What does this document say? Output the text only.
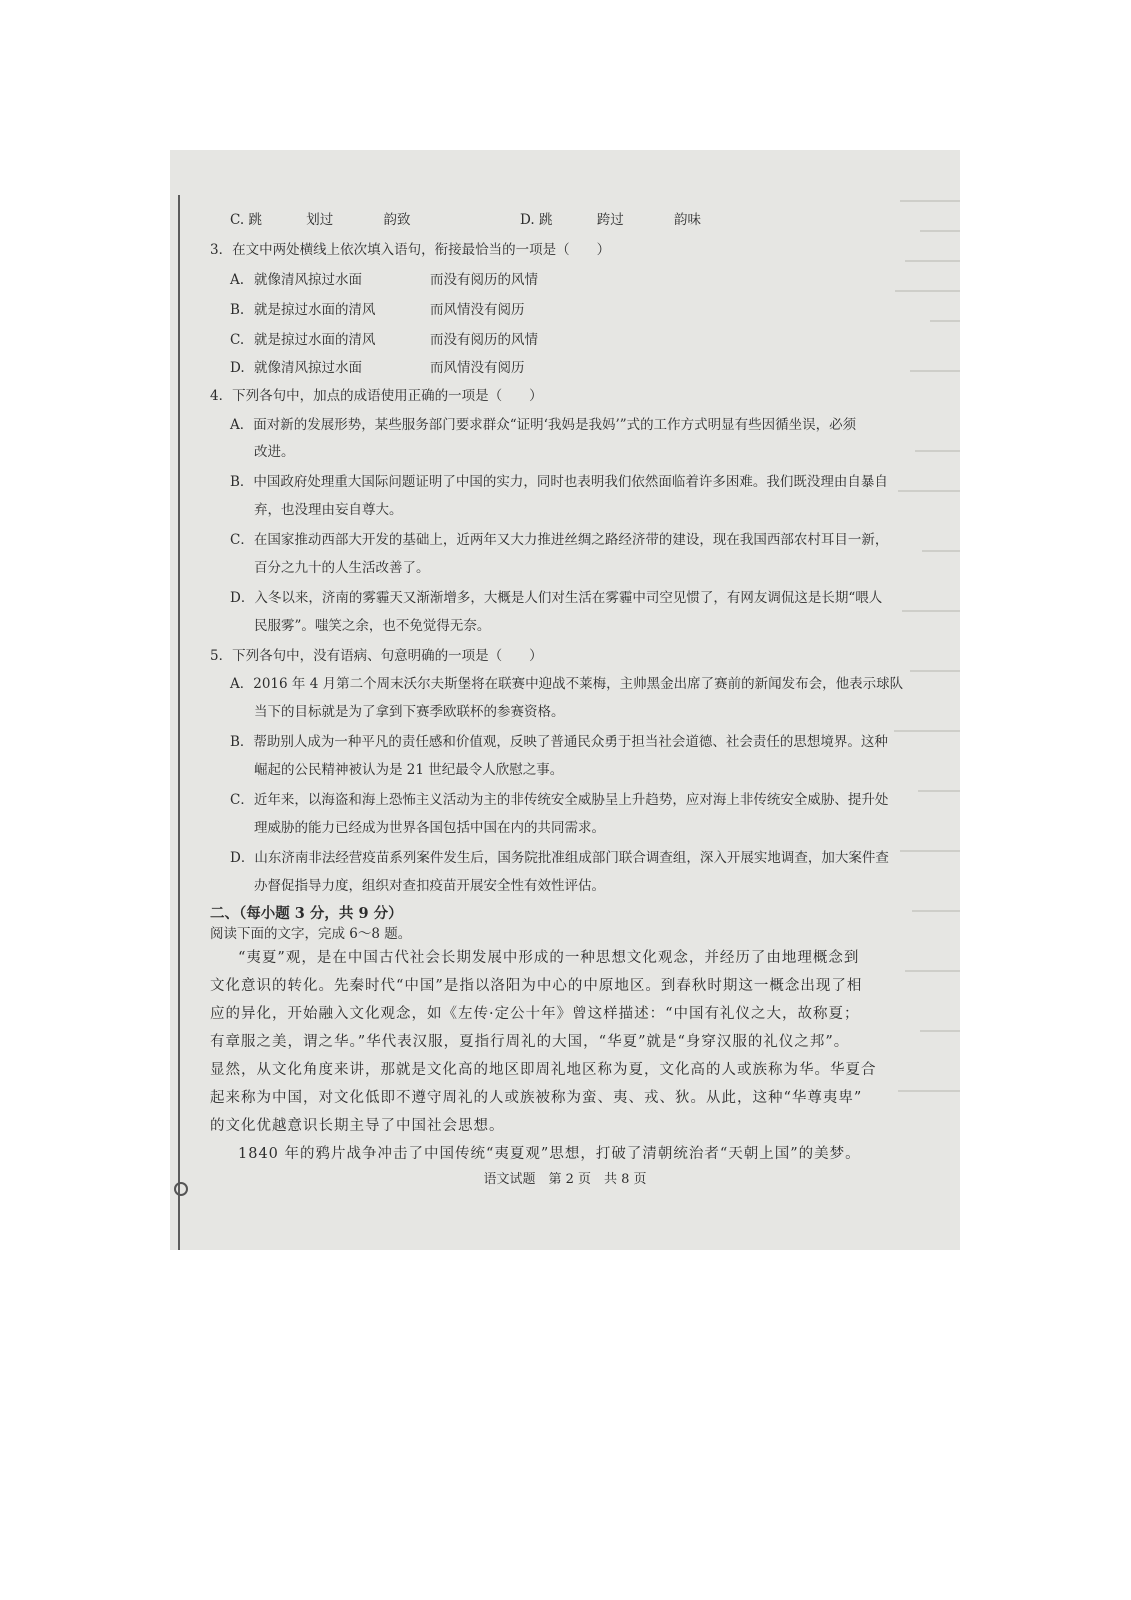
C. 跳	划过	韵致	D. 跳	跨过	韵味
3．在文中两处横线上依次填入语句，衔接最恰当的一项是（　　）
A. 就像清风掠过水面	而没有阅历的风情
B. 就是掠过水面的清风	而风情没有阅历
C. 就是掠过水面的清风	而没有阅历的风情
D. 就像清风掠过水面	而风情没有阅历
4．下列各句中，加点的成语使用正确的一项是（　　）
A．面对新的发展形势，某些服务部门要求群众“证明‘我妈是我妈’”式的工作方式明显有些因循坐误，必须
改进。
B．中国政府处理重大国际问题证明了中国的实力，同时也表明我们依然面临着许多困难。我们既没理由自暴自
弃，也没理由妄自尊大。
C．在国家推动西部大开发的基础上，近两年又大力推进丝绸之路经济带的建设，现在我国西部农村耳目一新，
百分之九十的人生活改善了。
D．入冬以来，济南的雾霾天又渐渐增多，大概是人们对生活在雾霾中司空见惯了，有网友调侃这是长期“喂人
民服雾”。嗤笑之余，也不免觉得无奈。
5．下列各句中，没有语病、句意明确的一项是（　　）
A．2016 年 4 月第二个周末沃尔夫斯堡将在联赛中迎战不莱梅，主帅黑金出席了赛前的新闻发布会，他表示球队
当下的目标就是为了拿到下赛季欧联杯的参赛资格。
B．帮助别人成为一种平凡的责任感和价值观，反映了普通民众勇于担当社会道德、社会责任的思想境界。这种
崛起的公民精神被认为是 21 世纪最令人欣慰之事。
C．近年来，以海盗和海上恐怖主义活动为主的非传统安全威胁呈上升趋势，应对海上非传统安全威胁、提升处
理威胁的能力已经成为世界各国包括中国在内的共同需求。
D．山东济南非法经营疫苗系列案件发生后，国务院批准组成部门联合调查组，深入开展实地调查，加大案件查
办督促指导力度，组织对查扣疫苗开展安全性有效性评估。
二、（每小题 3 分，共 9 分）
阅读下面的文字，完成 6～8 题。
“夷夏”观，是在中国古代社会长期发展中形成的一种思想文化观念，并经历了由地理概念到
文化意识的转化。先秦时代“中国”是指以洛阳为中心的中原地区。到春秋时期这一概念出现了相
应的异化，开始融入文化观念，如《左传·定公十年》曾这样描述：“中国有礼仪之大，故称夏；
有章服之美，谓之华。”华代表汉服，夏指行周礼的大国，“华夏”就是“身穿汉服的礼仪之邦”。
显然，从文化角度来讲，那就是文化高的地区即周礼地区称为夏，文化高的人或族称为华。华夏合
起来称为中国，对文化低即不遵守周礼的人或族被称为蛮、夷、戎、狄。从此，这种“华尊夷卑”
的文化优越意识长期主导了中国社会思想。
1840 年的鸦片战争冲击了中国传统“夷夏观”思想，打破了清朝统治者“天朝上国”的美梦。
语文试题　第 2 页　共 8 页
